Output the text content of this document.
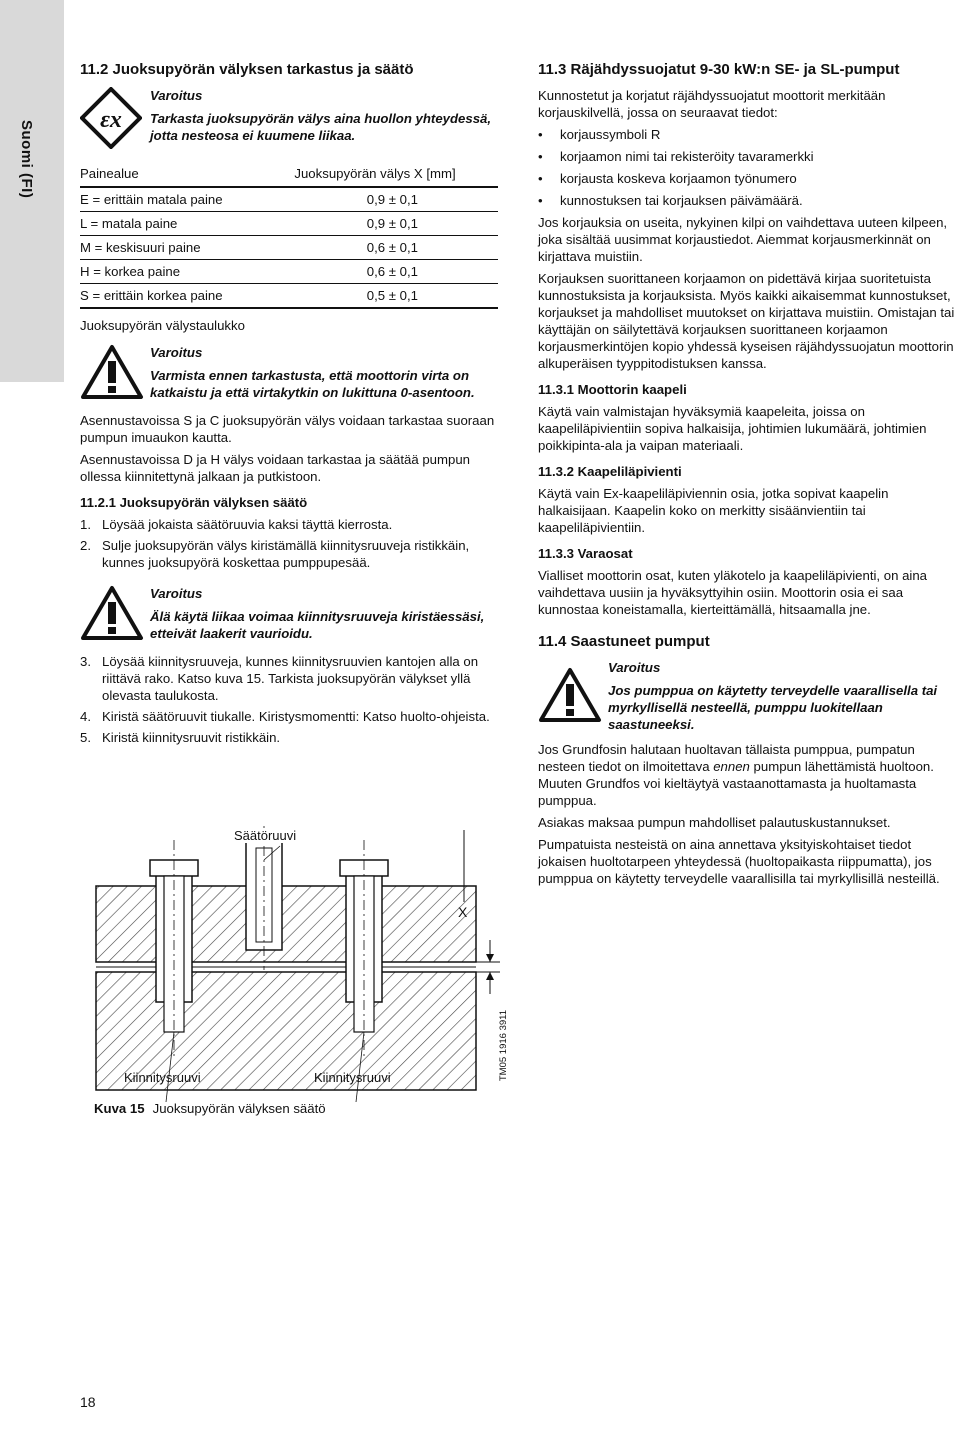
Suomi (FI)
11.2 Juoksupyörän välyksen tarkastus ja säätö
εx
Varoitus
Tarkasta juoksupyörän välys aina huollon yhteydessä, jotta nesteosa ei kuumene liikaa.
Painealue	Juoksupyörän välys X [mm]
E = erittäin matala paine	0,9 ± 0,1
L = matala paine	0,9 ± 0,1
M = keskisuuri paine	0,6 ± 0,1
H = korkea paine	0,6 ± 0,1
S = erittäin korkea paine	0,5 ± 0,1

Juoksupyörän välystaulukko

Varoitus
Varmista ennen tarkastusta, että moottorin virta on katkaistu ja että virtakytkin on lukittuna 0-asentoon.

Asennustavoissa S ja C juoksupyörän välys voidaan tarkastaa suoraan pumpun imuaukon kautta.

Asennustavoissa D ja H välys voidaan tarkastaa ja säätää pumpun ollessa kiinnitettynä jalkaan ja putkistoon.

11.2.1 Juoksupyörän välyksen säätö
1. Löysää jokaista säätöruuvia kaksi täyttä kierrosta.
2. Sulje juoksupyörän välys kiristämällä kiinnitysruuveja ristikkäin, kunnes juoksupyörä koskettaa pumppupesää.
Varoitus
Älä käytä liikaa voimaa kiinnitysruuveja kiristäessäsi, etteivät laakerit vaurioidu.
3. Löysää kiinnitysruuveja, kunnes kiinnitysruuvien kantojen alla on riittävä rako. Katso kuva 15. Tarkista juoksupyörän välykset yllä olevasta taulukosta.
4. Kiristä säätöruuvit tiukalle. Kiristysmomentti: Katso huolto-ohjeista.
5. Kiristä kiinnitysruuvit ristikkäin.
Säätöruuvi
X
Kiinnitysruuvi	Kiinnitysruuvi	TM05 1916 3911
Kuva 15 Juoksupyörän välyksen säätö
11.3 Räjähdyssuojatut 9-30 kW:n SE- ja SL-pumput

Kunnostetut ja korjatut räjähdyssuojatut moottorit merkitään korjauskilvellä, jossa on seuraavat tiedot:

•	korjaussymboli R
•	korjaamon nimi tai rekisteröity tavaramerkki
•	korjausta koskeva korjaamon työnumero
•	kunnostuksen tai korjauksen päivämäärä.

Jos korjauksia on useita, nykyinen kilpi on vaihdettava uuteen kilpeen, joka sisältää uusimmat korjaustiedot. Aiemmat korjausmerkinnät on kirjattava muistiin.

Korjauksen suorittaneen korjaamon on pidettävä kirjaa suoritetuista kunnostuksista ja korjauksista. Myös kaikki aikaisemmat kunnostukset, korjaukset ja mahdolliset muutokset on kirjattava muistiin. Omistajan tai käyttäjän on säilytettävä korjauksen suorittaneen korjaamon korjausmerkintöjen kopio yhdessä kyseisen räjähdyssuojatun moottorin alkuperäisen tyyppitodistuksen kanssa.

11.3.1 Moottorin kaapeli

Käytä vain valmistajan hyväksymiä kaapeleita, joissa on kaapeliläpivientiin sopiva halkaisija, johtimien lukumäärä, johtimien poikkipinta-ala ja vaipan materiaali.

11.3.2 Kaapeliläpivienti

Käytä vain Ex-kaapeliläpiviennin osia, jotka sopivat kaapelin halkaisijaan. Kaapelin koko on merkitty sisäänvientiin tai kaapeliläpivientiin.

11.3.3 Varaosat

Vialliset moottorin osat, kuten yläkotelo ja kaapeliläpivienti, on aina vaihdettava uusiin ja hyväksyttyihin osiin. Moottorin osia ei saa kunnostaa koneistamalla, kierteittämällä, hitsaamalla jne.

11.4 Saastuneet pumput
Varoitus
Jos pumppua on käytetty terveydelle vaarallisella tai myrkyllisellä nesteellä, pumppu luokitellaan saastuneeksi.

Jos Grundfosin halutaan huoltavan tällaista pumppua, pumpatun nesteen tiedot on ilmoitettava ennen pumpun lähettämistä huoltoon. Muuten Grundfos voi kieltäytyä vastaanottamasta ja huoltamasta pumppua.

Asiakas maksaa pumpun mahdolliset palautuskustannukset.

Pumpatuista nesteistä on aina annettava yksityiskohtaiset tiedot jokaisen huoltotarpeen yhteydessä (huoltopaikasta riippumatta), jos pumppua on käytetty terveydelle vaarallisilla tai myrkyllisillä nesteillä.

18
